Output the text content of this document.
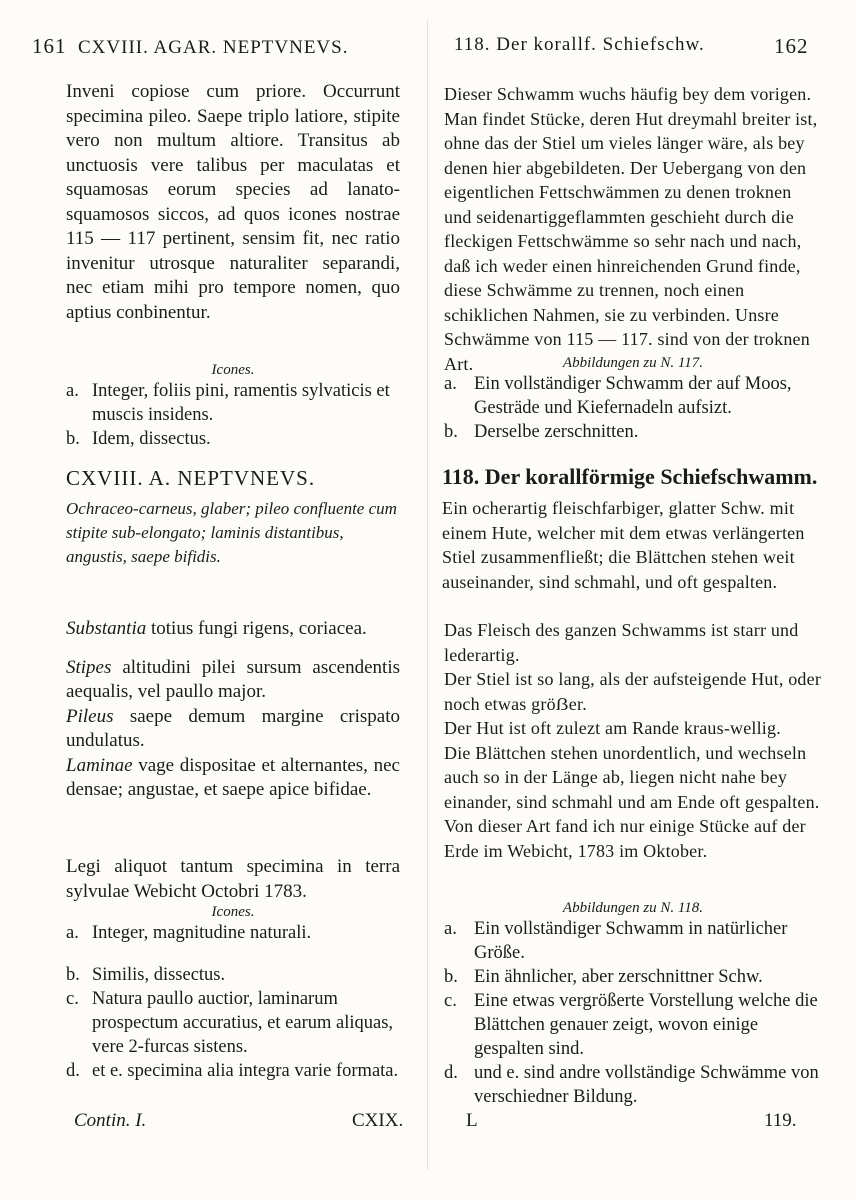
161 CXVIII. AGAR. NEPTVNEVS.

Inveni copiose cum priore. Occurrunt specimina pileo. Saepe triplo latiore, stipite vero non multum altiore. Transitus ab unctuosis vere talibus per maculatas et squamosas eorum species ad lanato-squamosos siccos, ad quos icones nostrae 115 — 117 pertinent, sensim fit, nec ratio invenitur utrosque naturaliter separandi, nec etiam mihi pro tempore nomen, quo aptius conbinentur.

Icones.

a. Integer, foliis pini, ramentis sylvaticis et muscis insidens.
b. Idem, dissectus.

CXVIII. A. NEPTVNEVS.

Ochraceo-carneus, glaber; pileo confluente cum stipite sub-elongato; laminis distantibus, angustis, saepe bifidis.

Substantia totius fungi rigens, coriacea.

Stipes altitudini pilei sursum ascendentis aequalis, vel paullo major.

Pileus saepe demum margine crispato undulatus.

Laminae vage dispositae et alternantes, nec densae; angustae, et saepe apice bifidae.

Legi aliquot tantum specimina in terra sylvulae Webicht Octobri 1783.

Icones.

a. Integer, magnitudine naturali.
b. Similis, dissectus.
c. Natura paullo auctior, laminarum prospectum accuratius, et earum aliquas, vere 2-furcas sistens.
d. et e. specimina alia integra varie formata.
Contin. I.	CXIX.
118. Der korallf. Schiefschw.	162

Dieser Schwamm wuchs häufig bey dem vorigen. Man findet Stücke, deren Hut dreymahl breiter ist, ohne das der Stiel um vieles länger wäre, als bey denen hier abgebildeten. Der Uebergang von den eigentlichen Fettschwämmen zu denen troknen und seidenartiggeflammten geschieht durch die fleckigen Fettschwämme so sehr nach und nach, daß ich weder einen hinreichenden Grund finde, diese Schwämme zu trennen, noch einen schiklichen Nahmen, sie zu verbinden. Unsre Schwämme von 115 — 117. sind von der troknen Art.	Abbildungen zu N. 117.

a. Ein vollständiger Schwamm der auf Moos, Gesträde und Kiefernadeln aufsizt.
b. Derselbe zerschnitten.

118. Der korallförmige Schiefschwamm.

Ein ocherartig fleischfarbiger, glatter Schw. mit einem Hute, welcher mit dem etwas verlängerten Stiel zusammenfließt; die Blättchen stehen weit auseinander, sind schmahl, und oft gespalten.

Das Fleisch des ganzen Schwamms ist starr und lederartig.

Der Stiel ist so lang, als der aufsteigende Hut, oder noch etwas gröẞer.

Der Hut ist oft zulezt am Rande kraus-wellig.

Die Blättchen stehen unordentlich, und wechseln auch so in der Länge ab, liegen nicht nahe bey einander, sind schmahl und am Ende oft gespalten.

Von dieser Art fand ich nur einige Stücke auf der Erde im Webicht, 1783 im Oktober.

Abbildungen zu N. 118.

a. Ein vollständiger Schwamm in natürlicher Größe.
b. Ein ähnlicher, aber zerschnittner Schw.
c. Eine etwas vergrößerte Vorstellung welche die Blättchen genauer zeigt, wovon einige gespalten sind.
d. und e. sind andre vollständige Schwämme von verschiedner Bildung.
L	119.
